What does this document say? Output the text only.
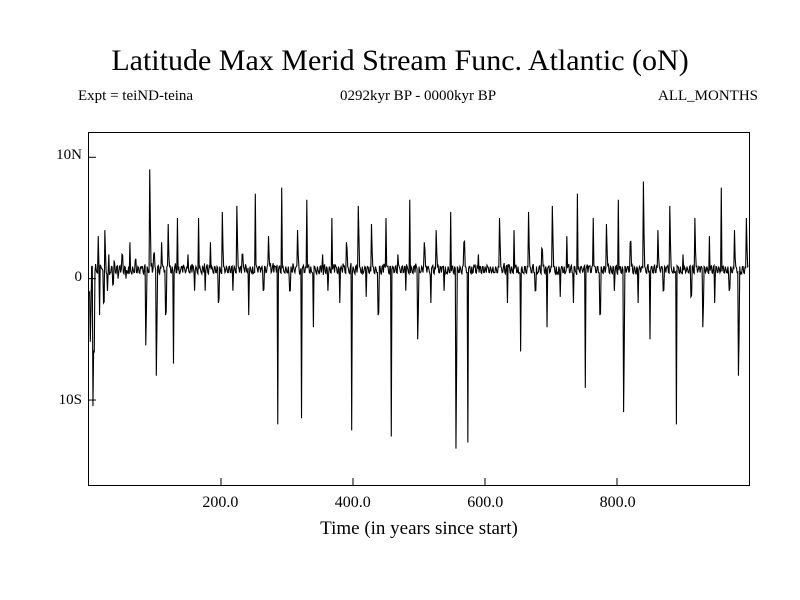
Latitude Max Merid Stream Func. Atlantic (oN)
Expt = teiND-teina	0292kyr BP - 0000kyr BP	ALL_MONTHS
10N
0
10S
200.0	400.0	600.0	800.0
Time (in years since start)
